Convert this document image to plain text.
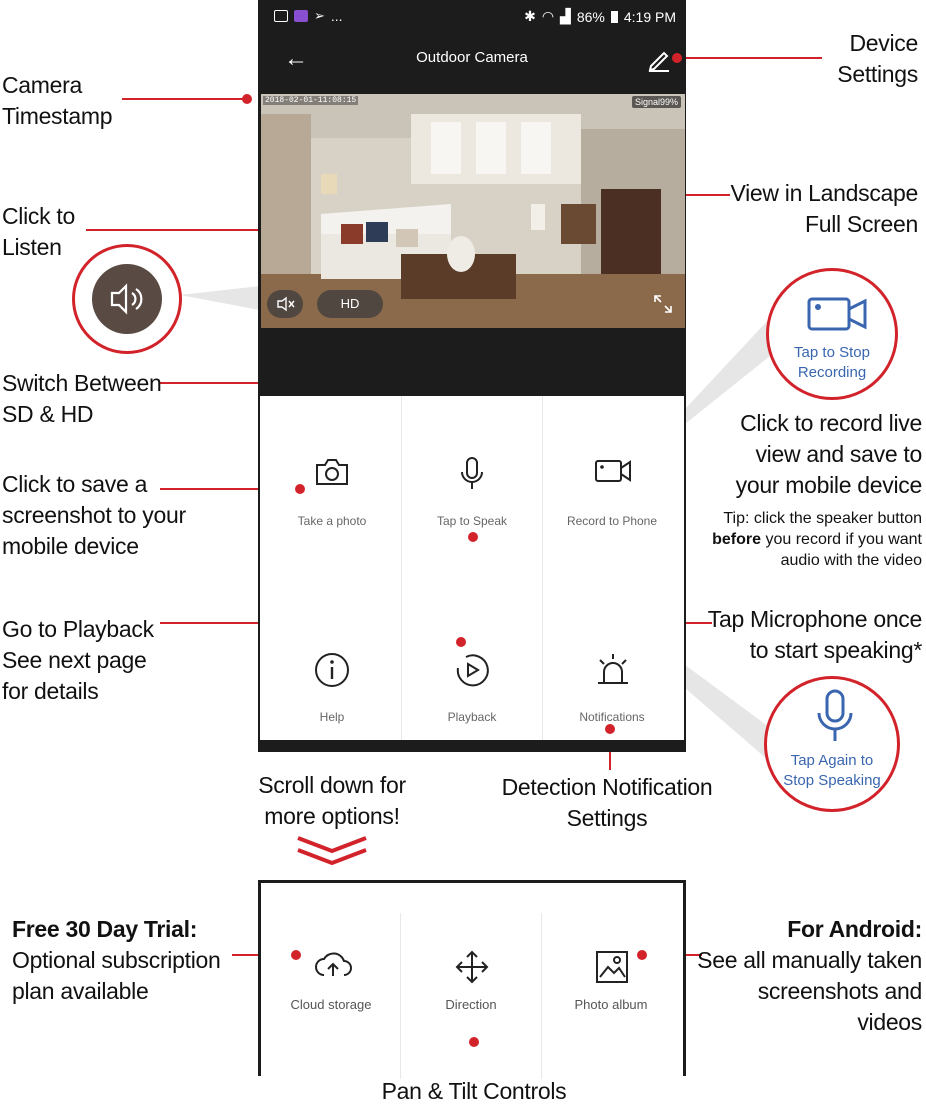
➢ ...	✱ ◠ ▟ 86% 4:19 PM
←	Outdoor Camera
2018-02-01-11:08:15	Signal99%
HD
Take a photo	Tap to Speak	Record to Phone
Help	Playback	Notifications
Cloud storage	Direction	Photo album
Tap to Stop
Recording
Tap Again to
Stop Speaking
Camera
Timestamp
Device
Settings
Click to
Listen
View in Landscape
Full Screen
Switch Between
SD & HD	Click to record live
view and save to
your mobile device
Tip: click the speaker button
before you record if you want
audio with the video
Click to save a
screenshot to your
mobile device
Tap Microphone once
to start speaking*
Go to Playback
See next page
for details
Scroll down for
more options!
Detection Notification
Settings
Free 30 Day Trial:
Optional subscription
plan available
For Android:
See all manually taken
screenshots and videos
Pan & Tilt Controls
